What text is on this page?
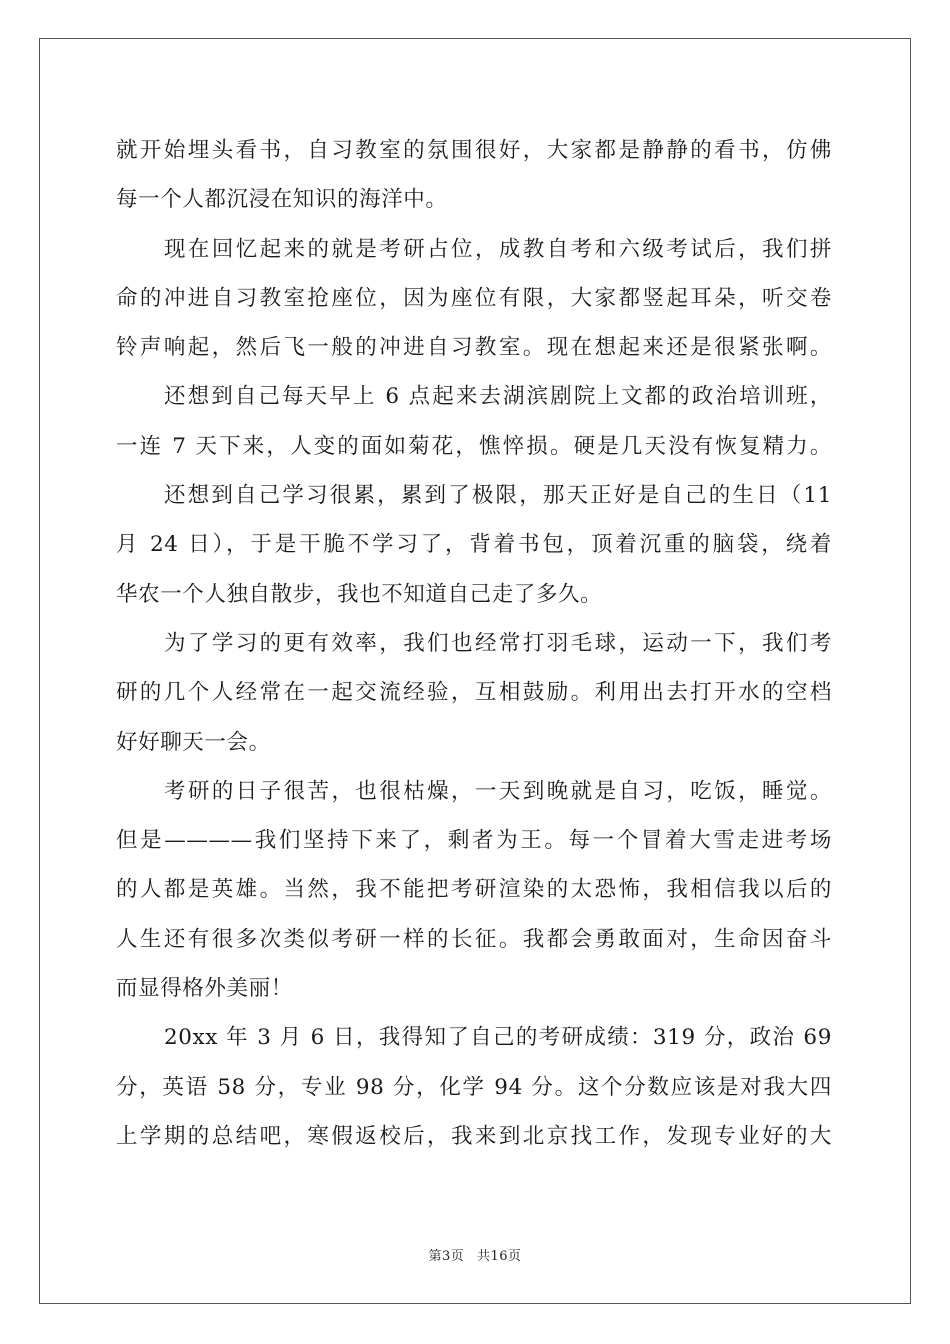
就开始埋头看书，自习教室的氛围很好，大家都是静静的看书，仿佛
每一个人都沉浸在知识的海洋中。
现在回忆起来的就是考研占位，成教自考和六级考试后，我们拼
命的冲进自习教室抢座位，因为座位有限，大家都竖起耳朵，听交卷
铃声响起，然后飞一般的冲进自习教室。现在想起来还是很紧张啊。
还想到自己每天早上 6 点起来去湖滨剧院上文都的政治培训班，
一连 7 天下来，人变的面如菊花，憔悴损。硬是几天没有恢复精力。
还想到自己学习很累，累到了极限，那天正好是自己的生日（11
月 24 日），于是干脆不学习了，背着书包，顶着沉重的脑袋，绕着
华农一个人独自散步，我也不知道自己走了多久。
为了学习的更有效率，我们也经常打羽毛球，运动一下，我们考
研的几个人经常在一起交流经验，互相鼓励。利用出去打开水的空档
好好聊天一会。
考研的日子很苦，也很枯燥，一天到晚就是自习，吃饭，睡觉。
但是————我们坚持下来了，剩者为王。每一个冒着大雪走进考场
的人都是英雄。当然，我不能把考研渲染的太恐怖，我相信我以后的
人生还有很多次类似考研一样的长征。我都会勇敢面对，生命因奋斗
而显得格外美丽！
20xx 年 3 月 6 日，我得知了自己的考研成绩：319 分，政治 69
分，英语 58 分，专业 98 分，化学 94 分。这个分数应该是对我大四
上学期的总结吧，寒假返校后，我来到北京找工作，发现专业好的大
第3页 共16页
